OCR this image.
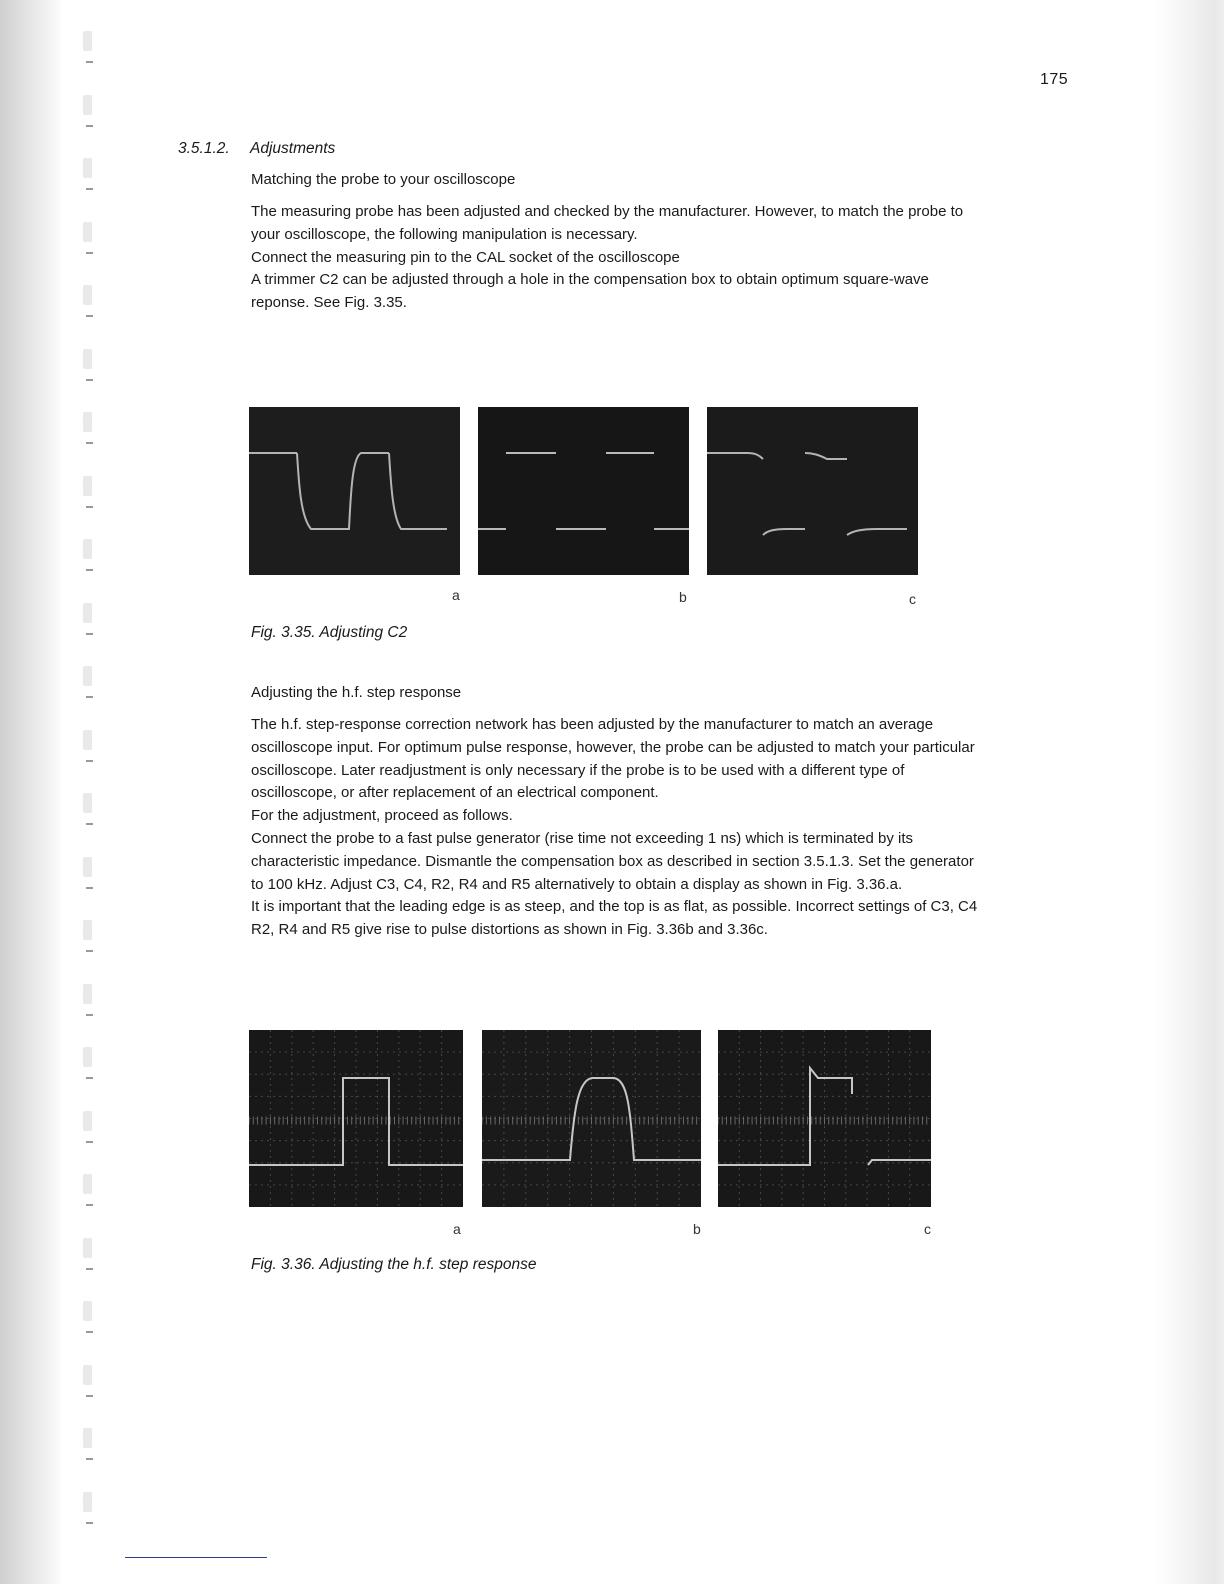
175
3.5.1.2. Adjustments
Matching the probe to your oscilloscope

The measuring probe has been adjusted and checked by the manufacturer. However, to match the probe to

your oscilloscope, the following manipulation is necessary.

Connect the measuring pin to the CAL socket of the oscilloscope

A trimmer C2 can be adjusted through a hole in the compensation box to obtain optimum square-wave

reponse. See Fig. 3.35.

a	b	c
Fig. 3.35. Adjusting C2
Adjusting the h.f. step response

The h.f. step-response correction network has been adjusted by the manufacturer to match an average

oscilloscope input. For optimum pulse response, however, the probe can be adjusted to match your particular

oscilloscope. Later readjustment is only necessary if the probe is to be used with a different type of

oscilloscope, or after replacement of an electrical component.

For the adjustment, proceed as follows.

Connect the probe to a fast pulse generator (rise time not exceeding 1 ns) which is terminated by its

characteristic impedance. Dismantle the compensation box as described in section 3.5.1.3. Set the generator

to 100 kHz. Adjust C3, C4, R2, R4 and R5 alternatively to obtain a display as shown in Fig. 3.36.a.

It is important that the leading edge is as steep, and the top is as flat, as possible. Incorrect settings of C3, C4

R2, R4 and R5 give rise to pulse distortions as shown in Fig. 3.36b and 3.36c.

a	b	c
Fig. 3.36. Adjusting the h.f. step response
